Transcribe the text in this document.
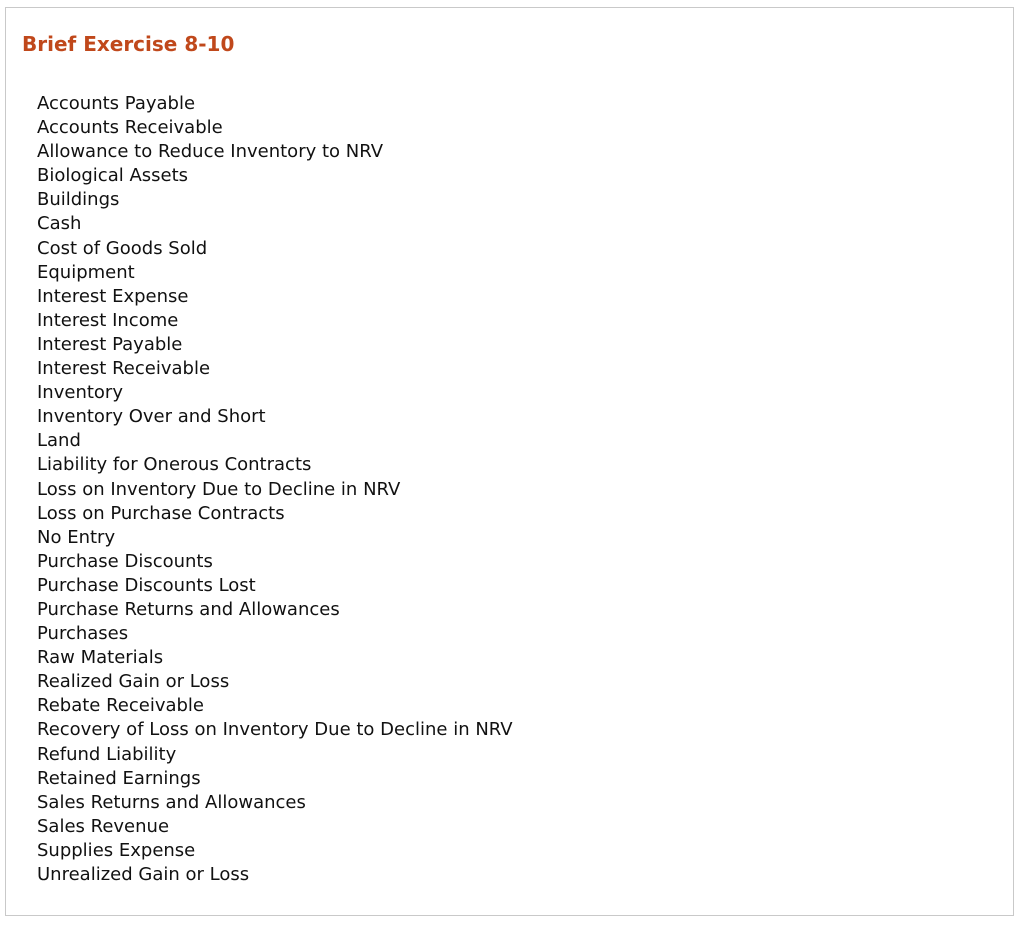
Brief Exercise 8-10
Accounts Payable
Accounts Receivable
Allowance to Reduce Inventory to NRV
Biological Assets
Buildings
Cash
Cost of Goods Sold
Equipment
Interest Expense
Interest Income
Interest Payable
Interest Receivable
Inventory
Inventory Over and Short
Land
Liability for Onerous Contracts
Loss on Inventory Due to Decline in NRV
Loss on Purchase Contracts
No Entry
Purchase Discounts
Purchase Discounts Lost
Purchase Returns and Allowances
Purchases
Raw Materials
Realized Gain or Loss
Rebate Receivable
Recovery of Loss on Inventory Due to Decline in NRV
Refund Liability
Retained Earnings
Sales Returns and Allowances
Sales Revenue
Supplies Expense
Unrealized Gain or Loss
